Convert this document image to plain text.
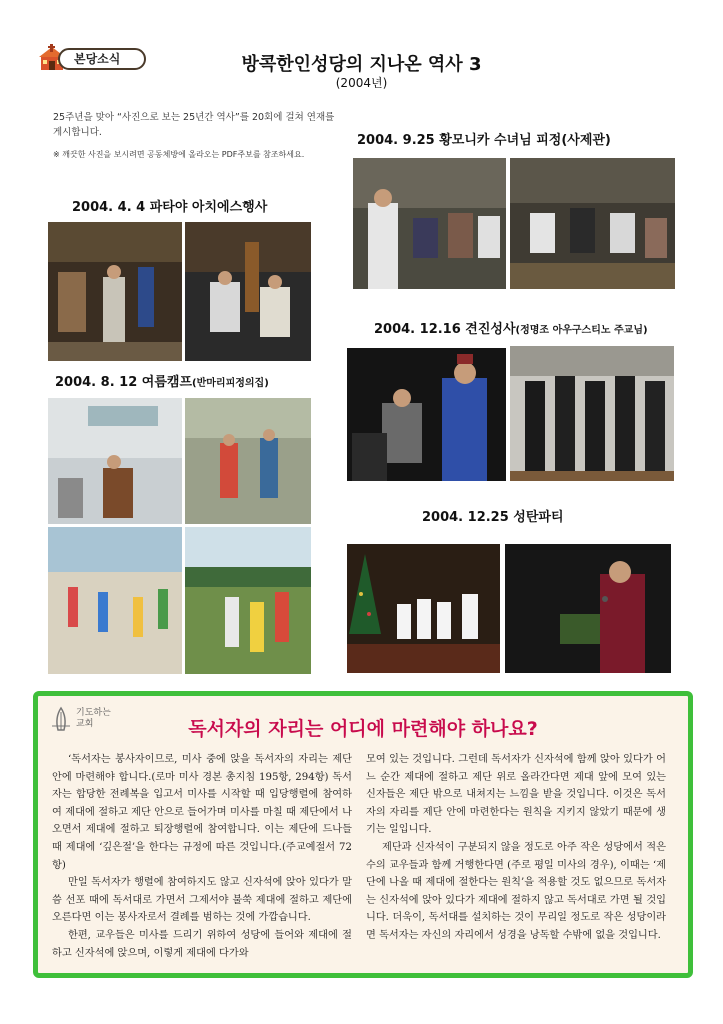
본당소식	방콕한인성당의 지나온 역사 3
(2004년)
25주년을 맞아 “사진으로 보는 25년간 역사”를 20회에 걸쳐 연재를 게시합니다.
※ 깨끗한 사진을 보시려면 공동체방에 올라오는 PDF주보를 참조하세요.
2004. 4. 4 파타야 아치에스행사
2004. 8. 12 여름캠프(반마리피정의집)
2004. 9.25 황모니카 수녀님 피정(사제관)
2004. 12.16 견진성사(정명조 아우구스티노 주교님)
2004. 12.25 성탄파티
기도하는
교회	독서자의 자리는 어디에 마련해야 하나요?

‘독서자는 봉사자이므로, 미사 중에 앉을 독서자의 자리는 제단 안에 마련해야 합니다.(로마 미사 경본 총지침 195항, 294항) 독서자는 합당한 전례복을 입고서 미사를 시작할 때 입당행렬에 참여하여 제대에 절하고 제단 안으로 들어가며 미사를 마칠 때 제단에서 나오면서 제대에 절하고 퇴장행렬에 참여합니다. 이는 제단에 드나들 때 제대에 ‘깊은절’을 한다는 규정에 따른 것입니다.(주교예절서 72항)

만일 독서자가 행렬에 참여하지도 않고 신자석에 앉아 있다가 말씀 선포 때에 독서대로 가면서 그제서야 불쑥 제대에 절하고 제단에 오른다면 이는 봉사자로서 결례를 범하는 것에 가깝습니다.

한편, 교우들은 미사를 드리기 위하여 성당에 들어와 제대에 절하고 신자석에 앉으며, 이렇게 제대에 다가와

모여 있는 것입니다. 그런데 독서자가 신자석에 함께 앉아 있다가 어느 순간 제대에 절하고 제단 위로 올라간다면 제대 앞에 모여 있는 신자들은 제단 밖으로 내쳐지는 느낌을 받을 것입니다. 이것은 독서자의 자리를 제단 안에 마련한다는 원칙을 지키지 않았기 때문에 생기는 일입니다.

제단과 신자석이 구분되지 않을 정도로 아주 작은 성당에서 적은 수의 교우들과 함께 거행한다면 (주로 평일 미사의 경우), 이때는 ‘제단에 나올 때 제대에 절한다는 원칙’을 적용할 것도 없으므로 독서자는 신자석에 앉아 있다가 제대에 절하지 않고 독서대로 가면 될 것입니다. 더욱이, 독서대를 설치하는 것이 무리일 정도로 작은 성당이라면 독서자는 자신의 자리에서 성경을 낭독할 수밖에 없을 것입니다.
